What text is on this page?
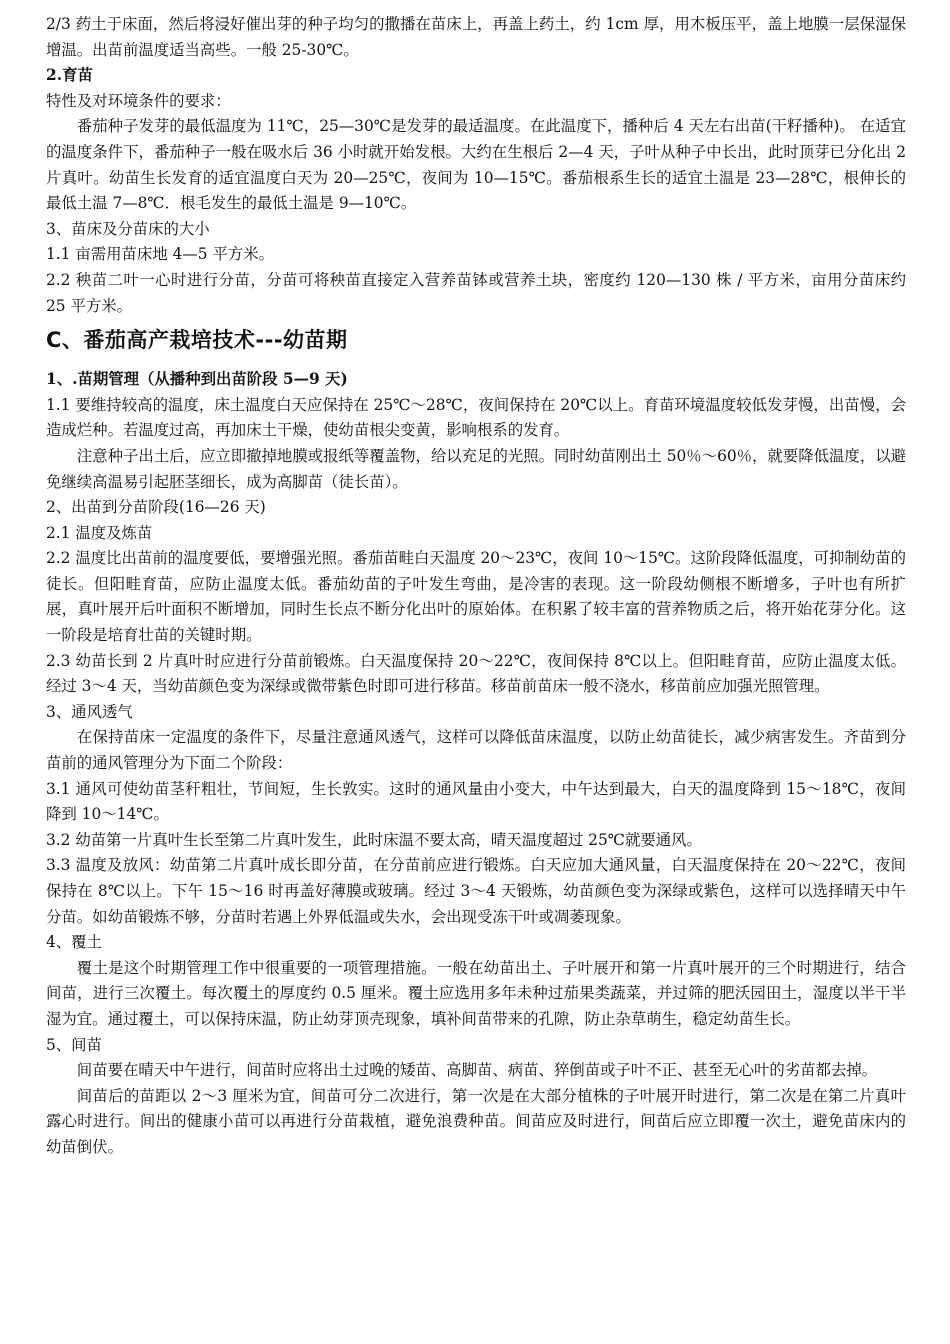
2/3 药土于床面，然后将浸好催出芽的种子均匀的撒播在苗床上，再盖上药土，约 1cm 厚，用木板压平，盖上地膜一层保湿保增温。出苗前温度适当高些。一般 25-30℃。

2.育苗

特性及对环境条件的要求：

番茄种子发芽的最低温度为 11℃，25—30℃是发芽的最适温度。在此温度下，播种后 4 天左右出苗(干籽播种)。 在适宜的温度条件下，番茄种子一般在吸水后 36 小时就开始发根。大约在生根后 2—4 天，子叶从种子中长出，此时顶芽已分化出 2 片真叶。幼苗生长发育的适宜温度白天为 20—25℃，夜间为 10—15℃。番茄根系生长的适宜土温是 23—28℃，根伸长的最低土温 7—8℃．根毛发生的最低土温是 9—10℃。

3、苗床及分苗床的大小

1.1 亩需用苗床地 4—5 平方米。

2.2 秧苗二叶一心时进行分苗，分苗可将秧苗直接定入营养苗钵或营养土块，密度约 120—130 株 / 平方米，亩用分苗床约 25 平方米。

C、番茄高产栽培技术---幼苗期

1、.苗期管理（从播种到出苗阶段 5—9 天)

1.1 要维持较高的温度，床土温度白天应保持在 25℃～28℃，夜间保持在 20℃以上。育苗环境温度较低发芽慢，出苗慢，会造成烂种。若温度过高，再加床土干燥，使幼苗根尖变黄，影响根系的发育。

注意种子出土后，应立即撤掉地膜或报纸等覆盖物，给以充足的光照。同时幼苗刚出土 50％～60％，就要降低温度，以避免继续高温易引起胚茎细长，成为高脚苗（徒长苗）。

2、出苗到分苗阶段(16—26 天)

2.1 温度及炼苗

2.2 温度比出苗前的温度要低，要增强光照。番茄苗畦白天温度 20～23℃，夜间 10～15℃。这阶段降低温度，可抑制幼苗的徒长。但阳畦育苗，应防止温度太低。番茄幼苗的子叶发生弯曲，是冷害的表现。这一阶段幼侧根不断增多，子叶也有所扩展，真叶展开后叶面积不断增加，同时生长点不断分化出叶的原始体。在积累了较丰富的营养物质之后，将开始花芽分化。这一阶段是培育壮苗的关键时期。

2.3 幼苗长到 2 片真叶时应进行分苗前锻炼。白天温度保持 20～22℃，夜间保持 8℃以上。但阳畦育苗，应防止温度太低。经过 3～4 天，当幼苗颜色变为深绿或微带紫色时即可进行移苗。移苗前苗床一般不浇水，移苗前应加强光照管理。

3、通风透气

在保持苗床一定温度的条件下，尽量注意通风透气，这样可以降低苗床温度，以防止幼苗徒长，减少病害发生。齐苗到分苗前的通风管理分为下面二个阶段：

3.1 通风可使幼苗茎秆粗壮，节间短，生长敦实。这时的通风量由小变大，中午达到最大，白天的温度降到 15～18℃，夜间降到 10～14℃。

3.2 幼苗第一片真叶生长至第二片真叶发生，此时床温不要太高，晴天温度超过 25℃就要通风。

3.3 温度及放风：幼苗第二片真叶成长即分苗，在分苗前应进行锻炼。白天应加大通风量，白天温度保持在 20～22℃，夜间保持在 8℃以上。下午 15～16 时再盖好薄膜或玻璃。经过 3～4 天锻炼，幼苗颜色变为深绿或紫色，这样可以选择晴天中午分苗。如幼苗锻炼不够，分苗时若遇上外界低温或失水，会出现受冻干叶或凋萎现象。

4、覆土

覆土是这个时期管理工作中很重要的一项管理措施。一般在幼苗出土、子叶展开和第一片真叶展开的三个时期进行，结合间苗，进行三次覆土。每次覆土的厚度约 0.5 厘米。覆土应选用多年未种过茄果类蔬菜，并过筛的肥沃园田土，湿度以半干半湿为宜。通过覆土，可以保持床温，防止幼芽顶壳现象，填补间苗带来的孔隙，防止杂草萌生，稳定幼苗生长。

5、间苗

间苗要在晴天中午进行，间苗时应将出土过晚的矮苗、高脚苗、病苗、猝倒苗或子叶不正、甚至无心叶的劣苗都去掉。

间苗后的苗距以 2～3 厘米为宜，间苗可分二次进行，第一次是在大部分植株的子叶展开时进行，第二次是在第二片真叶露心时进行。间出的健康小苗可以再进行分苗栽植，避免浪费种苗。间苗应及时进行，间苗后应立即覆一次土，避免苗床内的幼苗倒伏。
